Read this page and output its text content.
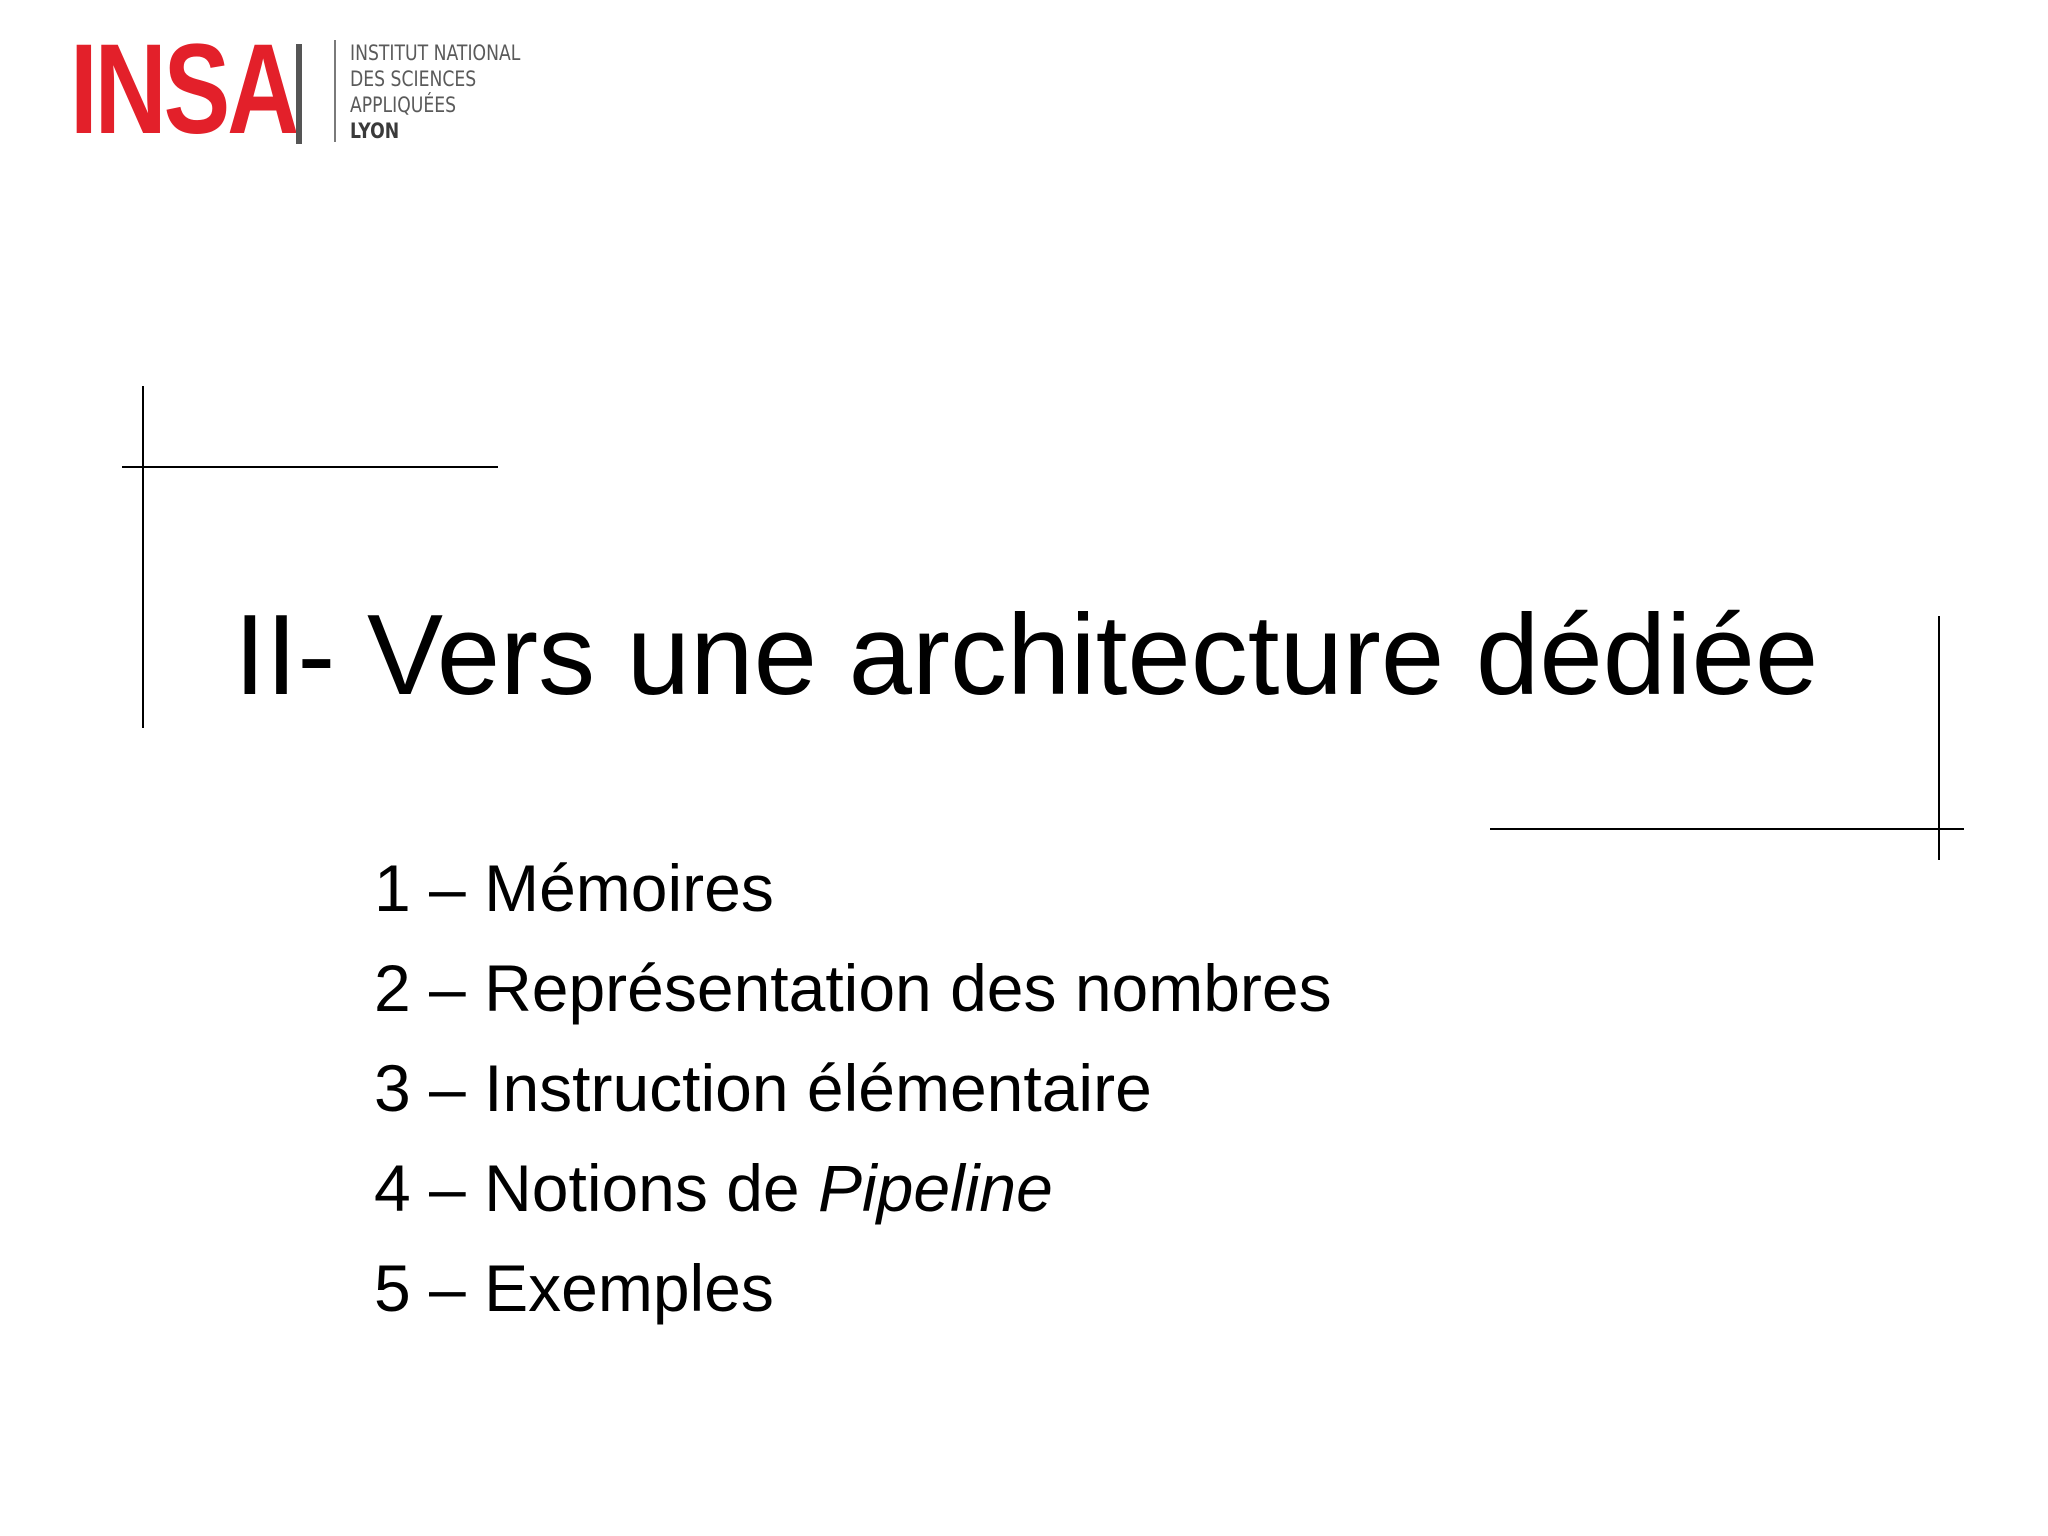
INSA	INSTITUT NATIONAL
DES SCIENCES
APPLIQUÉES
LYON
II- Vers une architecture dédiée
1 – Mémoires
2 – Représentation des nombres
3 – Instruction élémentaire
4 – Notions de Pipeline
5 – Exemples
